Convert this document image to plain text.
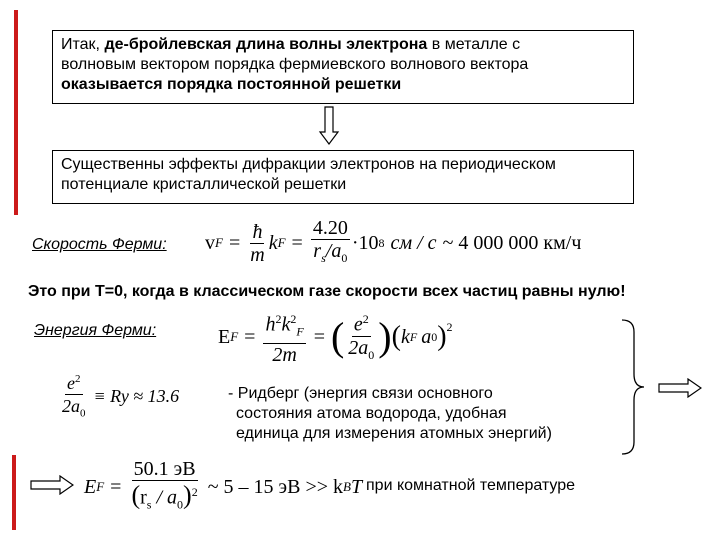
Итак, де-бройлевская длина волны электрона в металле с
волновым вектором порядка фермиевского волнового вектора
оказывается порядка постоянной решетки
Существенны эффекты дифракции электронов на периодическом
потенциале кристаллической решетки
Скорость Ферми: v $F = \frac{ħ}{m}$ k $F = \frac{4.20}{r_s/a_0} \cdot 10$ 8 см / с ~ 4 000 000 км/ч
Это при T=0, когда в классическом газе скорости всех частиц равны нулю!
Энергия Ферми:	E $F = \frac{h^2k^2_F}{2m}$ = ( $\frac{e^2}{2a_0}$ ) ( k F a 0 )$^2$
$\frac{e^2}{2a_0} \equiv Ry \approx 13.6$	- Ридберг (энергия связи основного
состояния атома водорода, удобная
единица для измерения атомных энергий)
E $F = \frac{50.1 эВ}{(r_s / a_0)^2}$ ~ 5 – 15 эВ >> k B T при комнатной температуре
